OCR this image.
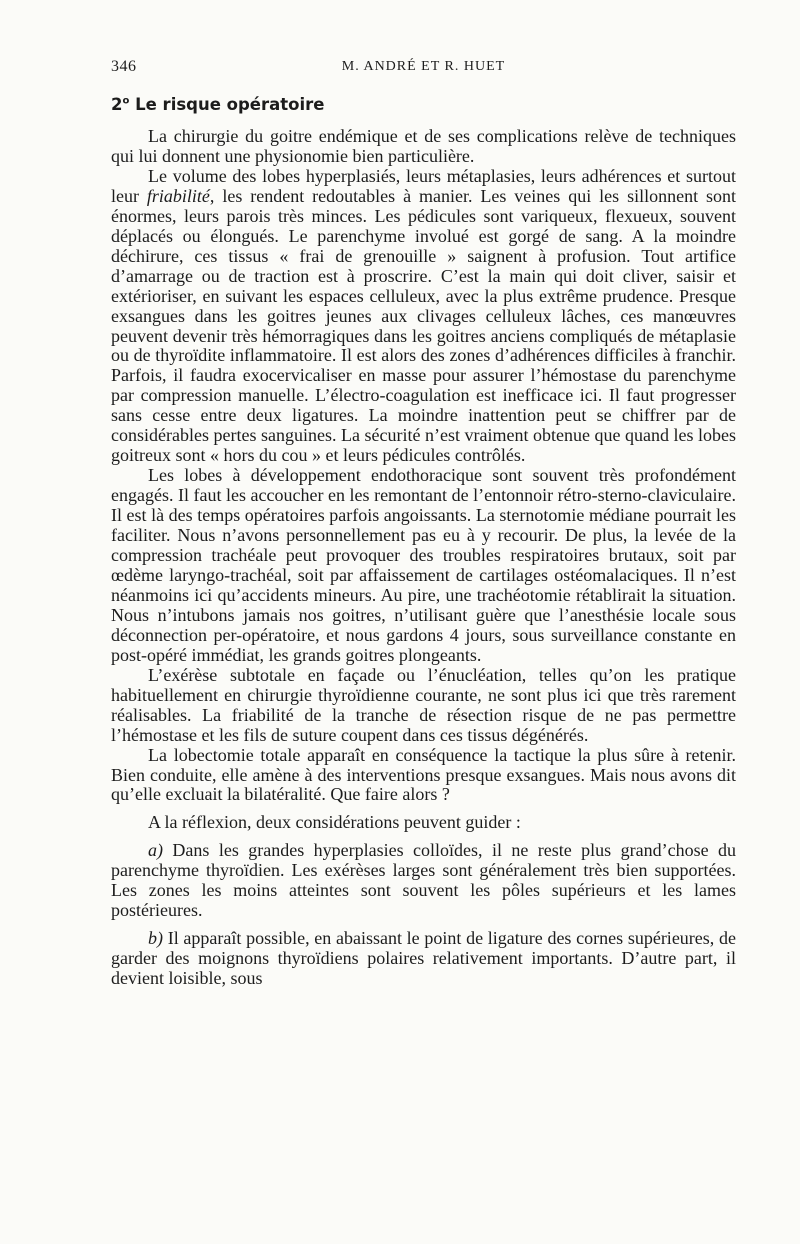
346	M. ANDRÉ ET R. HUET
2$^o$ Le risque opératoire

La chirurgie du goitre endémique et de ses complications relève de techniques qui lui donnent une physionomie bien particulière.

Le volume des lobes hyperplasiés, leurs métaplasies, leurs adhérences et surtout leur friabilité, les rendent redoutables à manier. Les veines qui les sillonnent sont énormes, leurs parois très minces. Les pédicules sont variqueux, flexueux, souvent déplacés ou élongués. Le parenchyme involué est gorgé de sang. A la moindre déchirure, ces tissus « frai de grenouille » saignent à profusion. Tout artifice d’amarrage ou de traction est à proscrire. C’est la main qui doit cliver, saisir et extérioriser, en suivant les espaces celluleux, avec la plus extrême prudence. Presque exsangues dans les goitres jeunes aux clivages celluleux lâches, ces manœuvres peuvent devenir très hémorragiques dans les goitres anciens compliqués de métaplasie ou de thyroïdite inflammatoire. Il est alors des zones d’adhérences difficiles à franchir. Parfois, il faudra exocervicaliser en masse pour assurer l’hémostase du parenchyme par compression manuelle. L’électro-coagulation est inefficace ici. Il faut progresser sans cesse entre deux ligatures. La moindre inattention peut se chiffrer par de considérables pertes sanguines. La sécurité n’est vraiment obtenue que quand les lobes goitreux sont « hors du cou » et leurs pédicules contrôlés.

Les lobes à développement endothoracique sont souvent très profondément engagés. Il faut les accoucher en les remontant de l’entonnoir rétro-sterno-claviculaire. Il est là des temps opératoires parfois angoissants. La sternotomie médiane pourrait les faciliter. Nous n’avons personnellement pas eu à y recourir. De plus, la levée de la compression trachéale peut provoquer des troubles respiratoires brutaux, soit par œdème laryngo-trachéal, soit par affaissement de cartilages ostéomalaciques. Il n’est néanmoins ici qu’accidents mineurs. Au pire, une trachéotomie rétablirait la situation. Nous n’intubons jamais nos goitres, n’utilisant guère que l’anesthésie locale sous déconnection per-opératoire, et nous gardons 4 jours, sous surveillance constante en post-opéré immédiat, les grands goitres plongeants.

L’exérèse subtotale en façade ou l’énucléation, telles qu’on les pratique habituellement en chirurgie thyroïdienne courante, ne sont plus ici que très rarement réalisables. La friabilité de la tranche de résection risque de ne pas permettre l’hémostase et les fils de suture coupent dans ces tissus dégénérés.

La lobectomie totale apparaît en conséquence la tactique la plus sûre à retenir. Bien conduite, elle amène à des interventions presque exsangues. Mais nous avons dit qu’elle excluait la bilatéralité. Que faire alors ?

A la réflexion, deux considérations peuvent guider :

a) Dans les grandes hyperplasies colloïdes, il ne reste plus grand’chose du parenchyme thyroïdien. Les exérèses larges sont généralement très bien supportées. Les zones les moins atteintes sont souvent les pôles supérieurs et les lames postérieures.

b) Il apparaît possible, en abaissant le point de ligature des cornes supérieures, de garder des moignons thyroïdiens polaires relativement importants. D’autre part, il devient loisible, sous
